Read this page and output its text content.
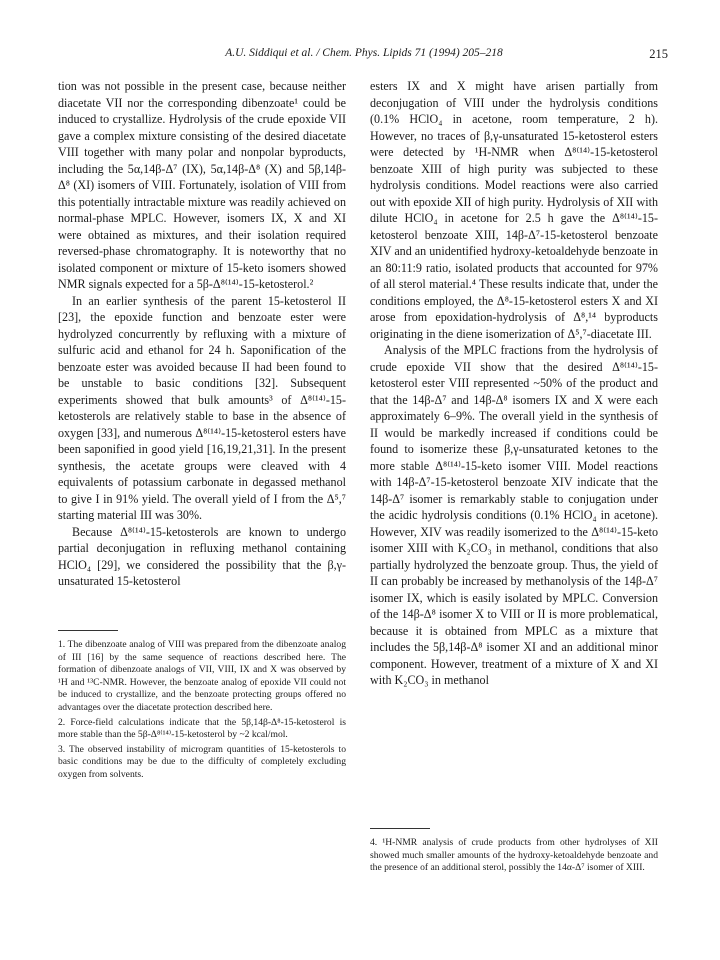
A.U. Siddiqui et al. / Chem. Phys. Lipids 71 (1994) 205–218	215

tion was not possible in the present case, because neither diacetate VII nor the corresponding dibenzoate¹ could be induced to crystallize. Hydrolysis of the crude epoxide VII gave a complex mixture consisting of the desired diacetate VIII together with many polar and nonpolar byproducts, including the 5α,14β-Δ⁷ (IX), 5α,14β-Δ⁸ (X) and 5β,14β-Δ⁸ (XI) isomers of VIII. Fortunately, isolation of VIII from this potentially intractable mixture was readily achieved on normal-phase MPLC. However, isomers IX, X and XI were obtained as mixtures, and their isolation required reversed-phase chromatography. It is noteworthy that no isolated component or mixture of 15-keto isomers showed NMR signals expected for a 5β-Δ⁸⁽¹⁴⁾-15-ketosterol.²

In an earlier synthesis of the parent 15-ketosterol II [23], the epoxide function and benzoate ester were hydrolyzed concurrently by refluxing with a mixture of sulfuric acid and ethanol for 24 h. Saponification of the benzoate ester was avoided because II had been found to be unstable to basic conditions [32]. Subsequent experiments showed that bulk amounts³ of Δ⁸⁽¹⁴⁾-15-ketosterols are relatively stable to base in the absence of oxygen [33], and numerous Δ⁸⁽¹⁴⁾-15-ketosterol esters have been saponified in good yield [16,19,21,31]. In the present synthesis, the acetate groups were cleaved with 4 equivalents of potassium carbonate in degassed methanol to give I in 91% yield. The overall yield of I from the Δ⁵,⁷ starting material III was 30%.

Because Δ⁸⁽¹⁴⁾-15-ketosterols are known to undergo partial deconjugation in refluxing methanol containing HClO₄ [29], we considered the possibility that the β,γ-unsaturated 15-ketosterol

1. The dibenzoate analog of VIII was prepared from the dibenzoate analog of III [16] by the same sequence of reactions described here. The formation of dibenzoate analogs of VII, VIII, IX and X was observed by ¹H and ¹³C-NMR. However, the benzoate analog of epoxide VII could not be induced to crystallize, and the benzoate protecting groups offered no advantages over the diacetate protection described here.

2. Force-field calculations indicate that the 5β,14β-Δ⁸-15-ketosterol is more stable than the 5β-Δ⁸⁽¹⁴⁾-15-ketosterol by ~2 kcal/mol.

3. The observed instability of microgram quantities of 15-ketosterols to basic conditions may be due to the difficulty of completely excluding oxygen from solvents.

esters IX and X might have arisen partially from deconjugation of VIII under the hydrolysis conditions (0.1% HClO₄ in acetone, room temperature, 2 h). However, no traces of β,γ-unsaturated 15-ketosterol esters were detected by ¹H-NMR when Δ⁸⁽¹⁴⁾-15-ketosterol benzoate XIII of high purity was subjected to these hydrolysis conditions. Model reactions were also carried out with epoxide XII of high purity. Hydrolysis of XII with dilute HClO₄ in acetone for 2.5 h gave the Δ⁸⁽¹⁴⁾-15-ketosterol benzoate XIII, 14β-Δ⁷-15-ketosterol benzoate XIV and an unidentified hydroxy-ketoaldehyde benzoate in an 80:11:9 ratio, isolated products that accounted for 97% of all sterol material.⁴ These results indicate that, under the conditions employed, the Δ⁸-15-ketosterol esters X and XI arose from epoxidation-hydrolysis of Δ⁸,¹⁴ byproducts originating in the diene isomerization of Δ⁵,⁷-diacetate III.

Analysis of the MPLC fractions from the hydrolysis of crude epoxide VII show that the desired Δ⁸⁽¹⁴⁾-15-ketosterol ester VIII represented ~50% of the product and that the 14β-Δ⁷ and 14β-Δ⁸ isomers IX and X were each approximately 6–9%. The overall yield in the synthesis of II would be markedly increased if conditions could be found to isomerize these β,γ-unsaturated ketones to the more stable Δ⁸⁽¹⁴⁾-15-keto isomer VIII. Model reactions with 14β-Δ⁷-15-ketosterol benzoate XIV indicate that the 14β-Δ⁷ isomer is remarkably stable to conjugation under the acidic hydrolysis conditions (0.1% HClO₄ in acetone). However, XIV was readily isomerized to the Δ⁸⁽¹⁴⁾-15-keto isomer XIII with K₂CO₃ in methanol, conditions that also partially hydrolyzed the benzoate group. Thus, the yield of II can probably be increased by methanolysis of the 14β-Δ⁷ isomer IX, which is easily isolated by MPLC. Conversion of the 14β-Δ⁸ isomer X to VIII or II is more problematical, because it is obtained from MPLC as a mixture that includes the 5β,14β-Δ⁸ isomer XI and an additional minor component. However, treatment of a mixture of X and XI with K₂CO₃ in methanol

4. ¹H-NMR analysis of crude products from other hydrolyses of XII showed much smaller amounts of the hydroxy-ketoaldehyde benzoate and the presence of an additional sterol, possibly the 14α-Δ⁷ isomer of XIII.
